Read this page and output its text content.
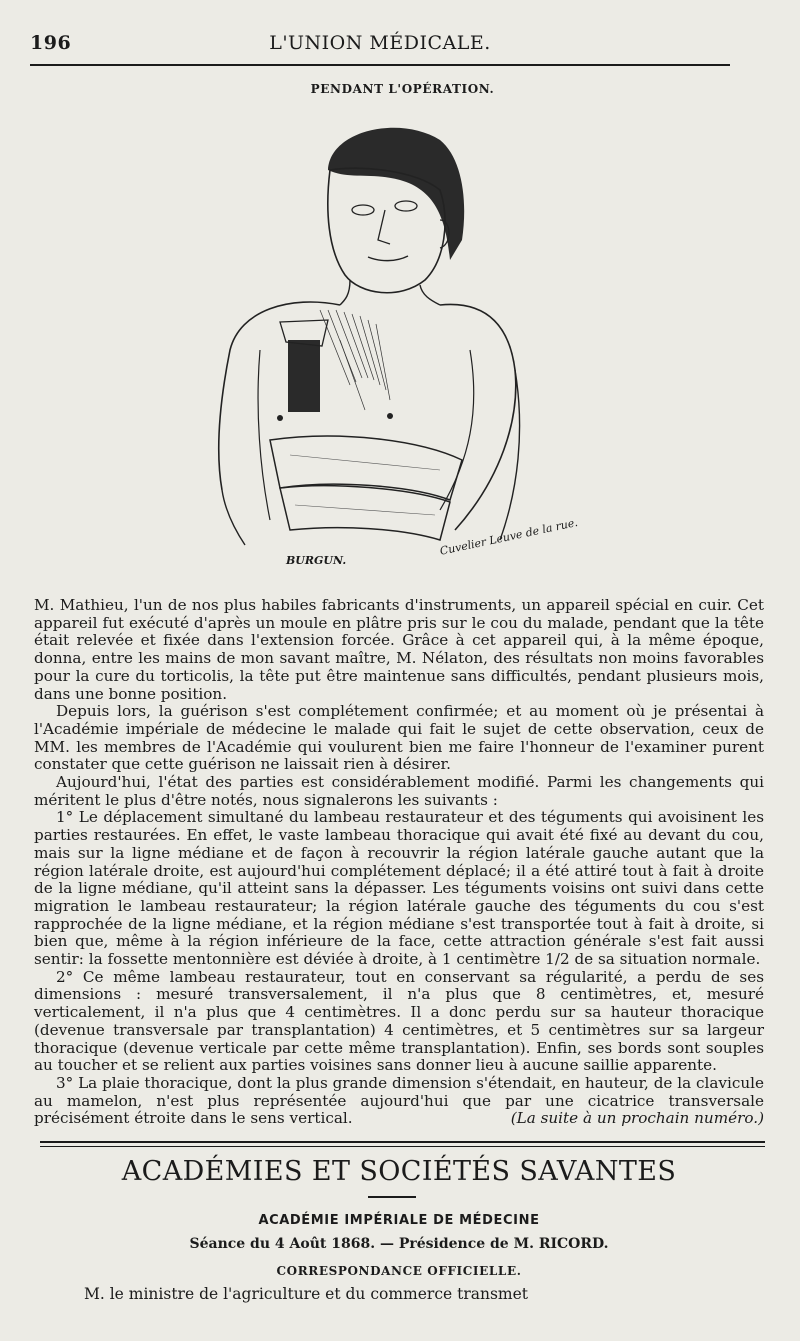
196	L'UNION MÉDICALE.
PENDANT L'OPÉRATION.
BURGUN.
Cuvelier Leuve de la rue.

M. Mathieu, l'un de nos plus habiles fabricants d'instruments, un appareil spécial en cuir. Cet appareil fut exécuté d'après un moule en plâtre pris sur le cou du malade, pendant que la tête était relevée et fixée dans l'extension forcée. Grâce à cet appareil qui, à la même époque, donna, entre les mains de mon savant maître, M. Nélaton, des résultats non moins favorables pour la cure du torticolis, la tête put être maintenue sans difficultés, pendant plusieurs mois, dans une bonne position.

Depuis lors, la guérison s'est complétement confirmée; et au moment où je présentai à l'Académie impériale de médecine le malade qui fait le sujet de cette observation, ceux de MM. les membres de l'Académie qui voulurent bien me faire l'honneur de l'examiner purent constater que cette guérison ne laissait rien à désirer.

Aujourd'hui, l'état des parties est considérablement modifié. Parmi les changements qui méritent le plus d'être notés, nous signalerons les suivants :

1° Le déplacement simultané du lambeau restaurateur et des téguments qui avoisinent les parties restaurées. En effet, le vaste lambeau thoracique qui avait été fixé au devant du cou, mais sur la ligne médiane et de façon à recouvrir la région latérale gauche autant que la région latérale droite, est aujourd'hui complétement déplacé; il a été attiré tout à fait à droite de la ligne médiane, qu'il atteint sans la dépasser. Les téguments voisins ont suivi dans cette migration le lambeau restaurateur; la région latérale gauche des téguments du cou s'est rapprochée de la ligne médiane, et la région médiane s'est transportée tout à fait à droite, si bien que, même à la région inférieure de la face, cette attraction générale s'est fait aussi sentir: la fossette mentonnière est déviée à droite, à 1 centimètre 1/2 de sa situation normale.

2° Ce même lambeau restaurateur, tout en conservant sa régularité, a perdu de ses dimensions : mesuré transversalement, il n'a plus que 8 centimètres, et, mesuré verticalement, il n'a plus que 4 centimètres. Il a donc perdu sur sa hauteur thoracique (devenue transversale par transplantation) 4 centimètres, et 5 centimètres sur sa largeur thoracique (devenue verticale par cette même transplantation). Enfin, ses bords sont souples au toucher et se relient aux parties voisines sans donner lieu à aucune saillie apparente.

3° La plaie thoracique, dont la plus grande dimension s'étendait, en hauteur, de la clavicule au mamelon, n'est plus représentée aujourd'hui que par une cicatrice transversale précisément étroite dans le sens vertical.	(La suite à un prochain numéro.)

ACADÉMIES ET SOCIÉTÉS SAVANTES
ACADÉMIE IMPÉRIALE DE MÉDECINE
Séance du 4 Août 1868. — Présidence de M. RICORD.
CORRESPONDANCE OFFICIELLE.
M. le ministre de l'agriculture et du commerce transmet
